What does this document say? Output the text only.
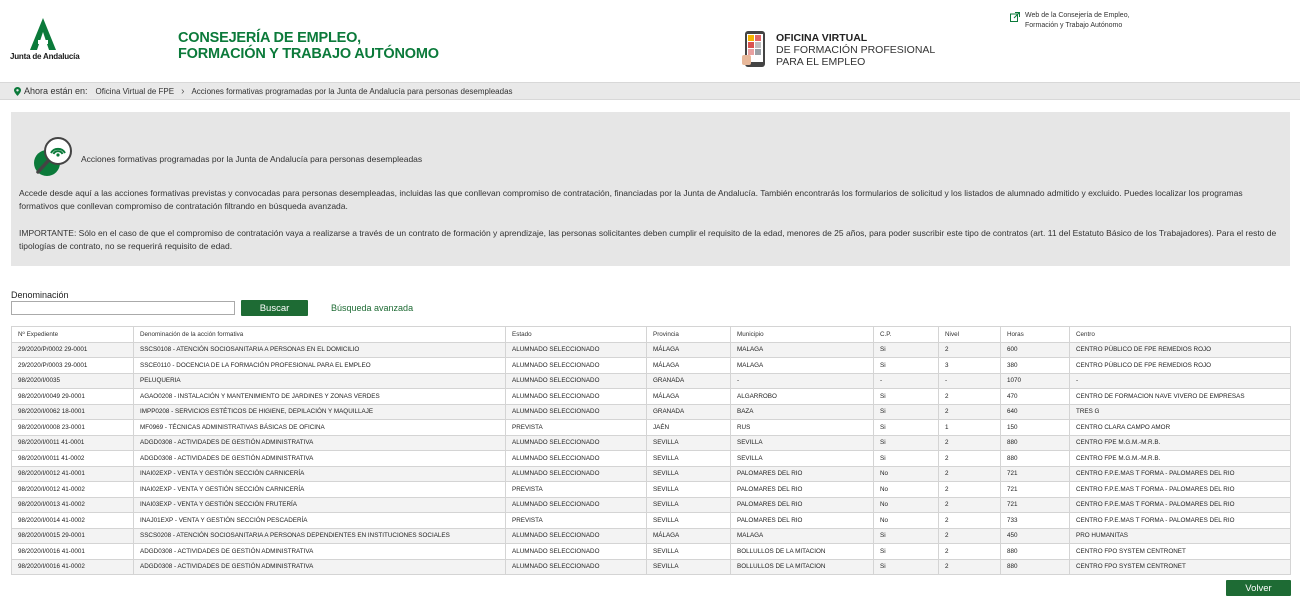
Junta de Andalucía
CONSEJERÍA DE EMPLEO,
FORMACIÓN Y TRABAJO AUTÓNOMO
OFICINA VIRTUAL
DE FORMACIÓN PROFESIONAL
PARA EL EMPLEO
Web de la Consejería de Empleo,
Formación y Trabajo Autónomo
Ahora están en: Oficina Virtual de FPE › Acciones formativas programadas por la Junta de Andalucía para personas desempleadas
Acciones formativas programadas por la Junta de Andalucía para personas desempleadas
Accede desde aquí a las acciones formativas previstas y convocadas para personas desempleadas, incluidas las que conllevan compromiso de contratación, financiadas por la Junta de Andalucía. También encontrarás los formularios de solicitud y los listados de alumnado admitido y excluido. Puedes localizar los programas formativos que conllevan compromiso de contratación filtrando en búsqueda avanzada.
IMPORTANTE: Sólo en el caso de que el compromiso de contratación vaya a realizarse a través de un contrato de formación y aprendizaje, las personas solicitantes deben cumplir el requisito de la edad, menores de 25 años, para poder suscribir este tipo de contratos (art. 11 del Estatuto Básico de los Trabajadores). Para el resto de tipologías de contrato, no se requerirá requisito de edad.
Denominación
Buscar	Búsqueda avanzada
Nº Expediente	Denominación de la acción formativa	Estado	Provincia	Municipio	C.P.	Nivel	Horas	Centro
29/2020/P/0002 29-0001	SSCS0108 - ATENCIÓN SOCIOSANITARIA A PERSONAS EN EL DOMICILIO	ALUMNADO SELECCIONADO	MÁLAGA	MALAGA	Si	2	600	CENTRO PÚBLICO DE FPE REMEDIOS ROJO
29/2020/P/0003 29-0001	SSCE0110 - DOCENCIA DE LA FORMACIÓN PROFESIONAL PARA EL EMPLEO	ALUMNADO SELECCIONADO	MÁLAGA	MALAGA	Si	3	380	CENTRO PÚBLICO DE FPE REMEDIOS ROJO
98/2020/I/0035	PELUQUERIA	ALUMNADO SELECCIONADO	GRANADA	-	-	-	1070	-
98/2020/I/0049 29-0001	AGAO0208 - INSTALACIÓN Y MANTENIMIENTO DE JARDINES Y ZONAS VERDES	ALUMNADO SELECCIONADO	MÁLAGA	ALGARROBO	Si	2	470	CENTRO DE FORMACION NAVE VIVERO DE EMPRESAS
98/2020/I/0062 18-0001	IMPP0208 - SERVICIOS ESTÉTICOS DE HIGIENE, DEPILACIÓN Y MAQUILLAJE	ALUMNADO SELECCIONADO	GRANADA	BAZA	Si	2	640	TRES G
98/2020/I/0008 23-0001	MF0969 - TÉCNICAS ADMINISTRATIVAS BÁSICAS DE OFICINA	PREVISTA	JAÉN	RUS	Si	1	150	CENTRO CLARA CAMPO AMOR
98/2020/I/0011 41-0001	ADGD0308 - ACTIVIDADES DE GESTIÓN ADMINISTRATIVA	ALUMNADO SELECCIONADO	SEVILLA	SEVILLA	Si	2	880	CENTRO FPE M.G.M.-M.R.B.
98/2020/I/0011 41-0002	ADGD0308 - ACTIVIDADES DE GESTIÓN ADMINISTRATIVA	ALUMNADO SELECCIONADO	SEVILLA	SEVILLA	Si	2	880	CENTRO FPE M.G.M.-M.R.B.
98/2020/I/0012 41-0001	INAI02EXP - VENTA Y GESTIÓN SECCIÓN CARNICERÍA	ALUMNADO SELECCIONADO	SEVILLA	PALOMARES DEL RIO	No	2	721	CENTRO F.P.E.MAS T FORMA - PALOMARES DEL RIO
98/2020/I/0012 41-0002	INAI02EXP - VENTA Y GESTIÓN SECCIÓN CARNICERÍA	PREVISTA	SEVILLA	PALOMARES DEL RIO	No	2	721	CENTRO F.P.E.MAS T FORMA - PALOMARES DEL RIO
98/2020/I/0013 41-0002	INAI03EXP - VENTA Y GESTIÓN SECCIÓN FRUTERÍA	ALUMNADO SELECCIONADO	SEVILLA	PALOMARES DEL RIO	No	2	721	CENTRO F.P.E.MAS T FORMA - PALOMARES DEL RIO
98/2020/I/0014 41-0002	INAJ01EXP - VENTA Y GESTIÓN SECCIÓN PESCADERÍA	PREVISTA	SEVILLA	PALOMARES DEL RIO	No	2	733	CENTRO F.P.E.MAS T FORMA - PALOMARES DEL RIO
98/2020/I/0015 29-0001	SSCS0208 - ATENCIÓN SOCIOSANITARIA A PERSONAS DEPENDIENTES EN INSTITUCIONES SOCIALES	ALUMNADO SELECCIONADO	MÁLAGA	MALAGA	Si	2	450	PRO HUMANITAS
98/2020/I/0016 41-0001	ADGD0308 - ACTIVIDADES DE GESTIÓN ADMINISTRATIVA	ALUMNADO SELECCIONADO	SEVILLA	BOLLULLOS DE LA MITACION	Si	2	880	CENTRO FPO SYSTEM CENTRONET
98/2020/I/0016 41-0002	ADGD0308 - ACTIVIDADES DE GESTIÓN ADMINISTRATIVA	ALUMNADO SELECCIONADO	SEVILLA	BOLLULLOS DE LA MITACION	Si	2	880	CENTRO FPO SYSTEM CENTRONET
Volver
